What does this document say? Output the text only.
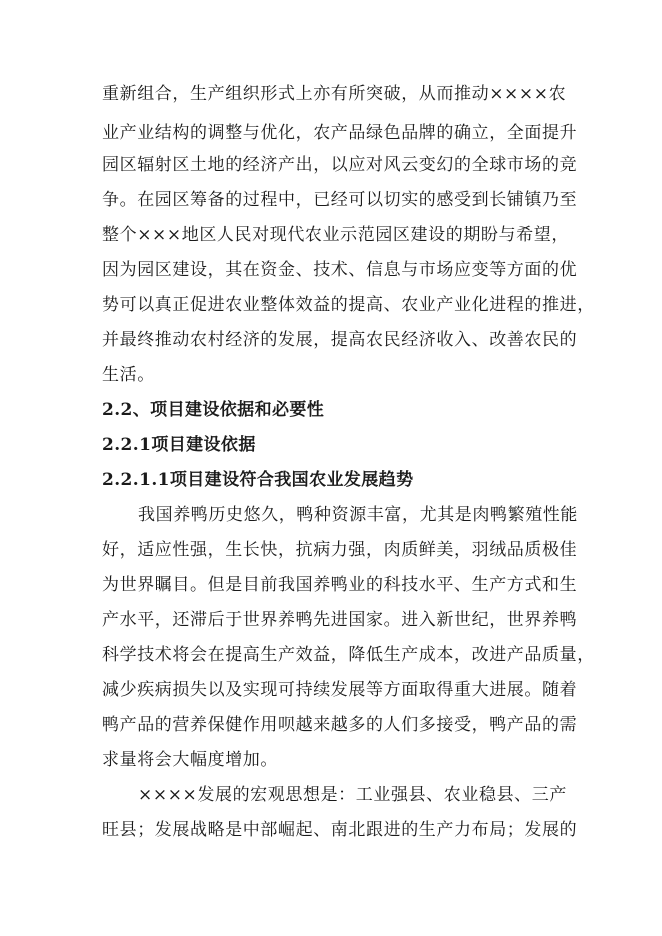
重新组合，生产组织形式上亦有所突破，从而推动××××农
业产业结构的调整与优化，农产品绿色品牌的确立，全面提升
园区辐射区土地的经济产出，以应对风云变幻的全球市场的竞
争。在园区筹备的过程中，已经可以切实的感受到长铺镇乃至
整个×××地区人民对现代农业示范园区建设的期盼与希望，
因为园区建设，其在资金、技术、信息与市场应变等方面的优
势可以真正促进农业整体效益的提高、农业产业化进程的推进，
并最终推动农村经济的发展，提高农民经济收入、改善农民的
生活。
2.2、项目建设依据和必要性
2.2.1项目建设依据
2.2.1.1项目建设符合我国农业发展趋势
我国养鸭历史悠久，鸭种资源丰富，尤其是肉鸭繁殖性能
好，适应性强，生长快，抗病力强，肉质鲜美，羽绒品质极佳
为世界瞩目。但是目前我国养鸭业的科技水平、生产方式和生
产水平，还滞后于世界养鸭先进国家。进入新世纪，世界养鸭
科学技术将会在提高生产效益，降低生产成本，改进产品质量，
减少疾病损失以及实现可持续发展等方面取得重大进展。随着
鸭产品的营养保健作用呗越来越多的人们多接受，鸭产品的需
求量将会大幅度增加。
××××发展的宏观思想是：工业强县、农业稳县、三产
旺县；发展战略是中部崛起、南北跟进的生产力布局；发展的
